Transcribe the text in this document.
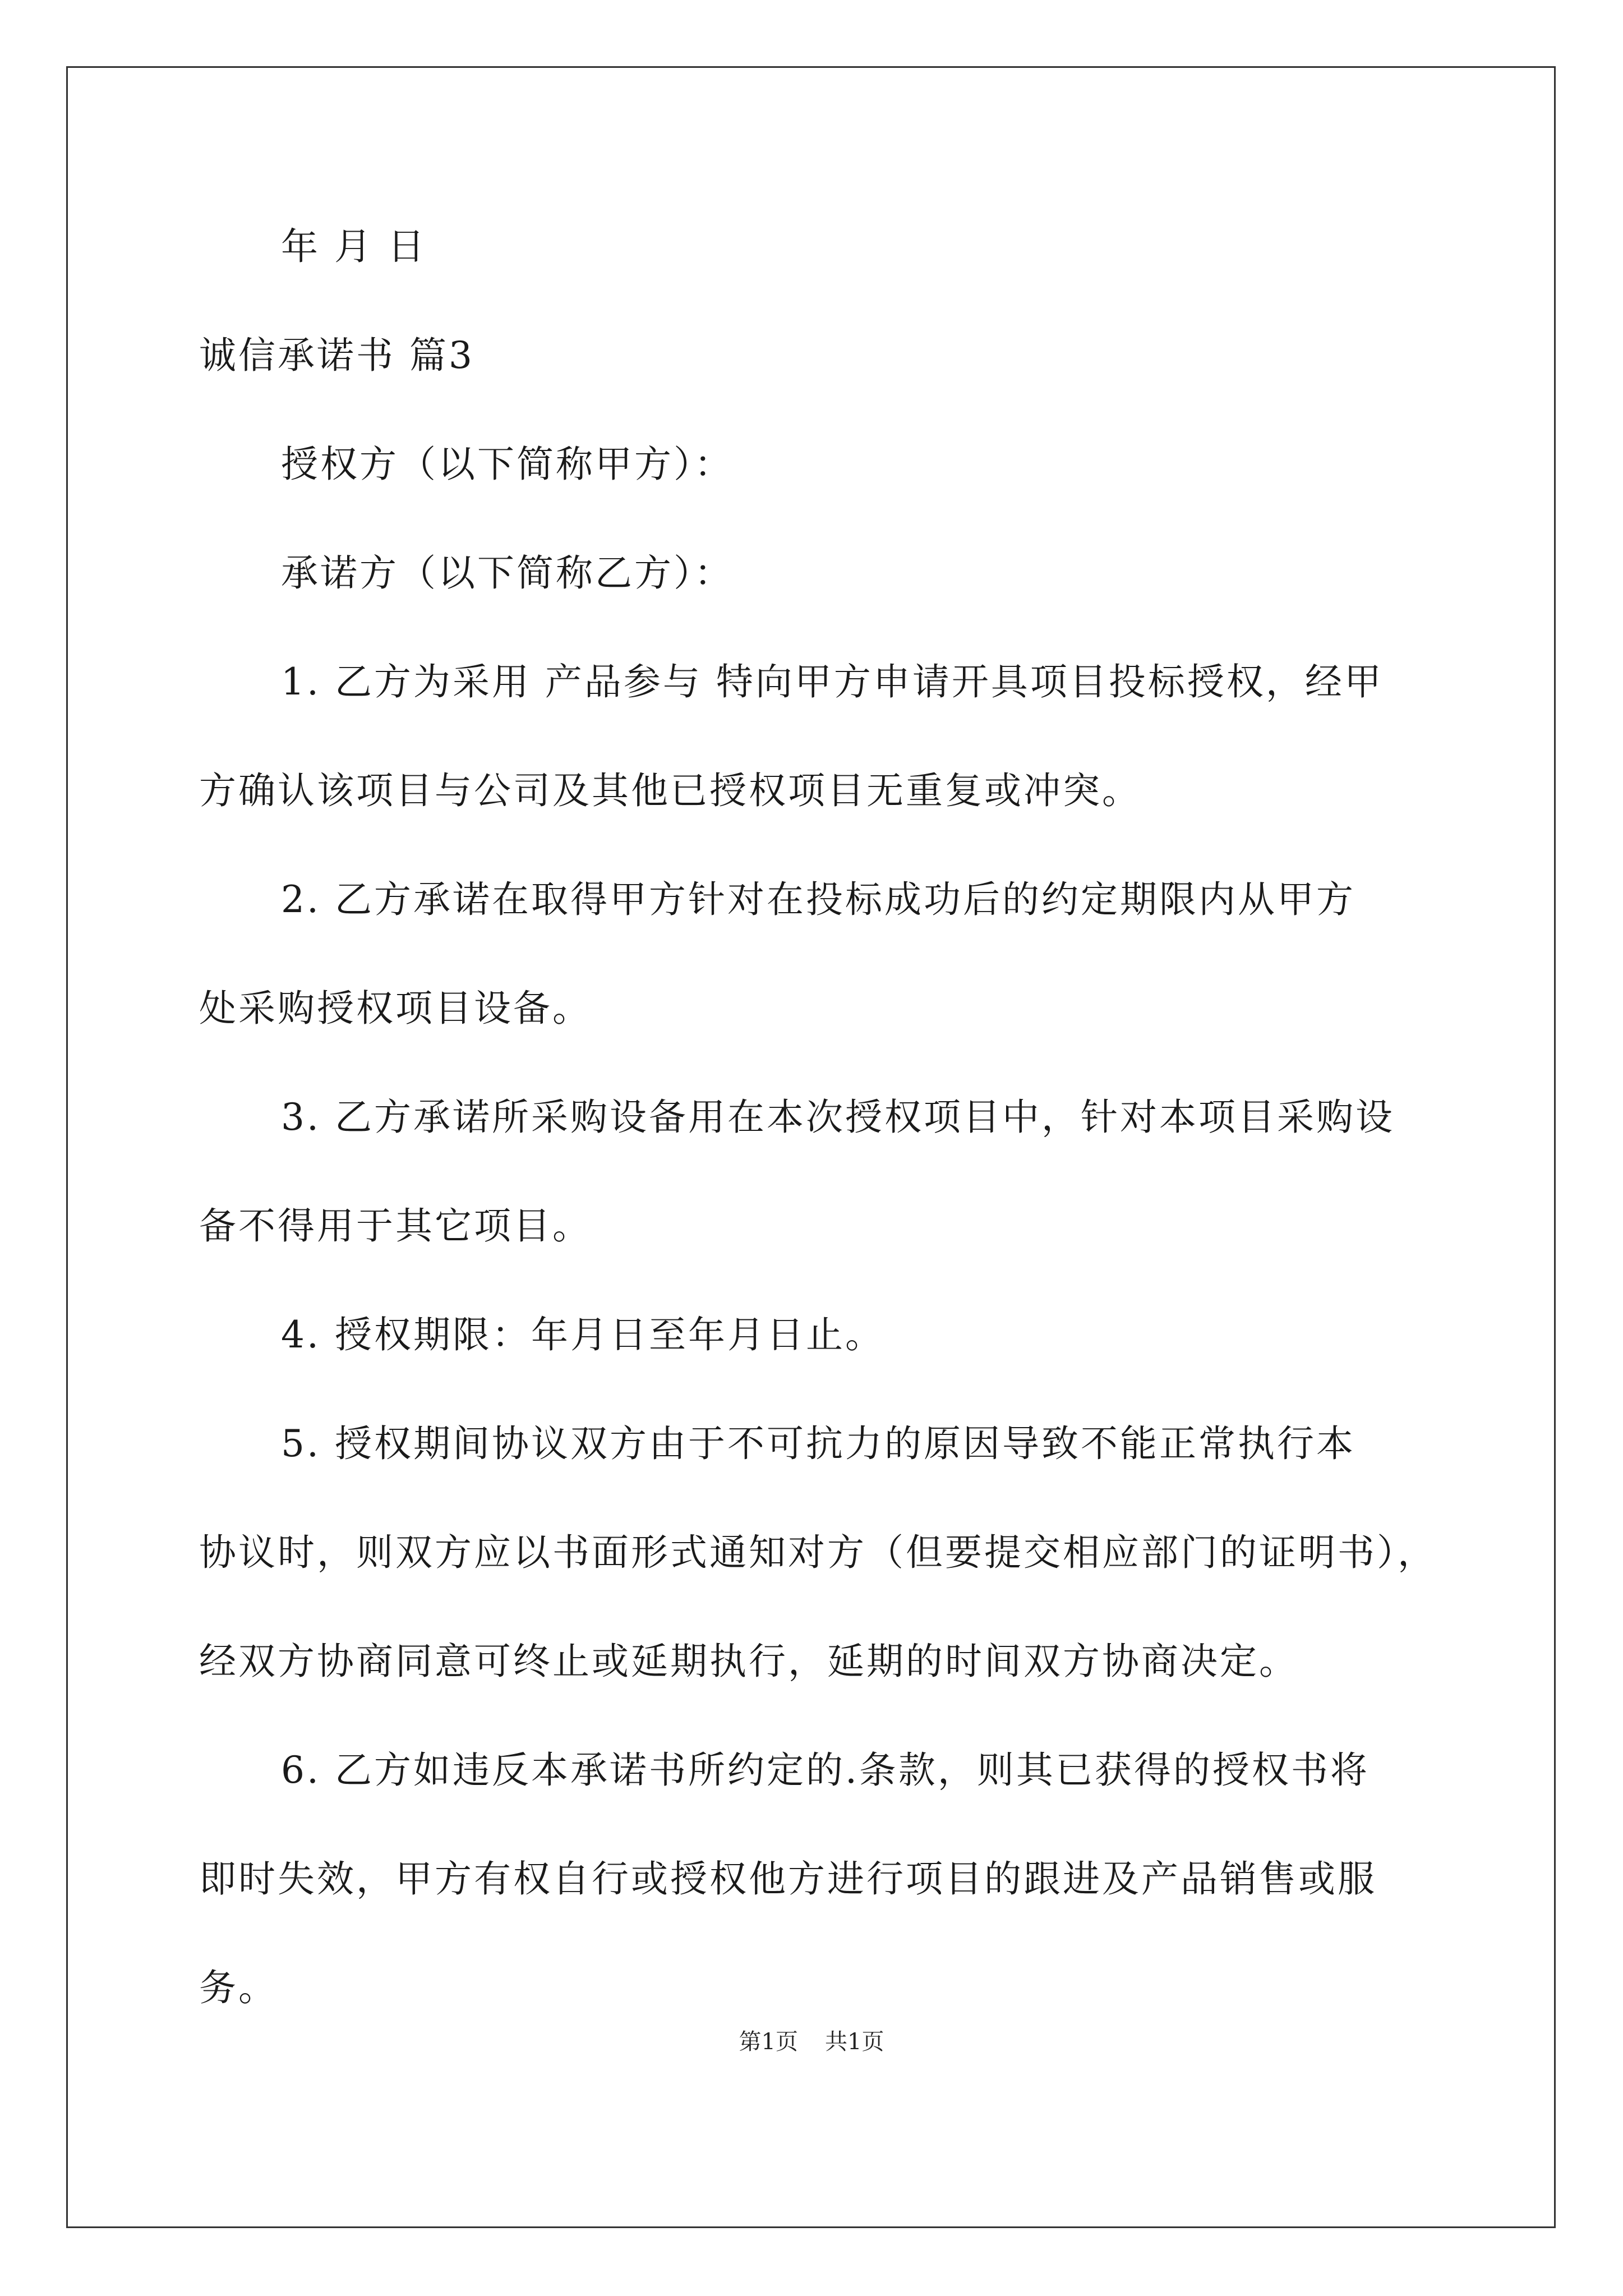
年 月 日
诚信承诺书 篇3
授权方（以下简称甲方）：
承诺方（以下简称乙方）：
1. 乙方为采用 产品参与 特向甲方申请开具项目投标授权，经甲
方确认该项目与公司及其他已授权项目无重复或冲突。
2. 乙方承诺在取得甲方针对在投标成功后的约定期限内从甲方
处采购授权项目设备。
3. 乙方承诺所采购设备用在本次授权项目中，针对本项目采购设
备不得用于其它项目。
4. 授权期限：年月日至年月日止。
5. 授权期间协议双方由于不可抗力的原因导致不能正常执行本
协议时，则双方应以书面形式通知对方（但要提交相应部门的证明书），
经双方协商同意可终止或延期执行，延期的时间双方协商决定。
6. 乙方如违反本承诺书所约定的.条款，则其已获得的授权书将
即时失效，甲方有权自行或授权他方进行项目的跟进及产品销售或服
务。
第1页 共1页
